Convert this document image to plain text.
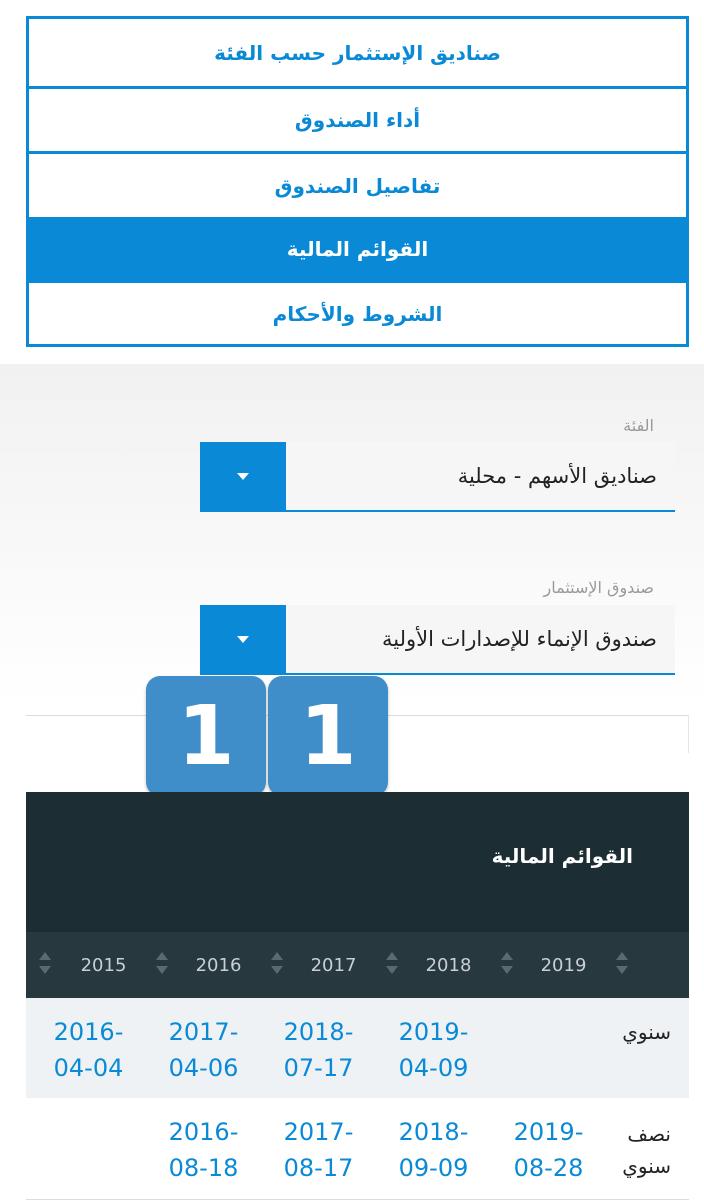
صناديق الإستثمار حسب الفئة
أداء الصندوق
تفاصيل الصندوق
القوائم المالية
الشروط والأحكام
الفئة
صناديق الأسهم - محلية
صندوق الإستثمار
صندوق الإنماء للإصدارات الأولية
1 1
القوائم المالية
2019
2018
2017
2016
2015
سنوي
2019-
04-09
2018-
07-17
2017-
04-06
2016-
04-04
نصف سنوي
2019-
08-28
2018-
09-09
2017-
08-17
2016-
08-18
